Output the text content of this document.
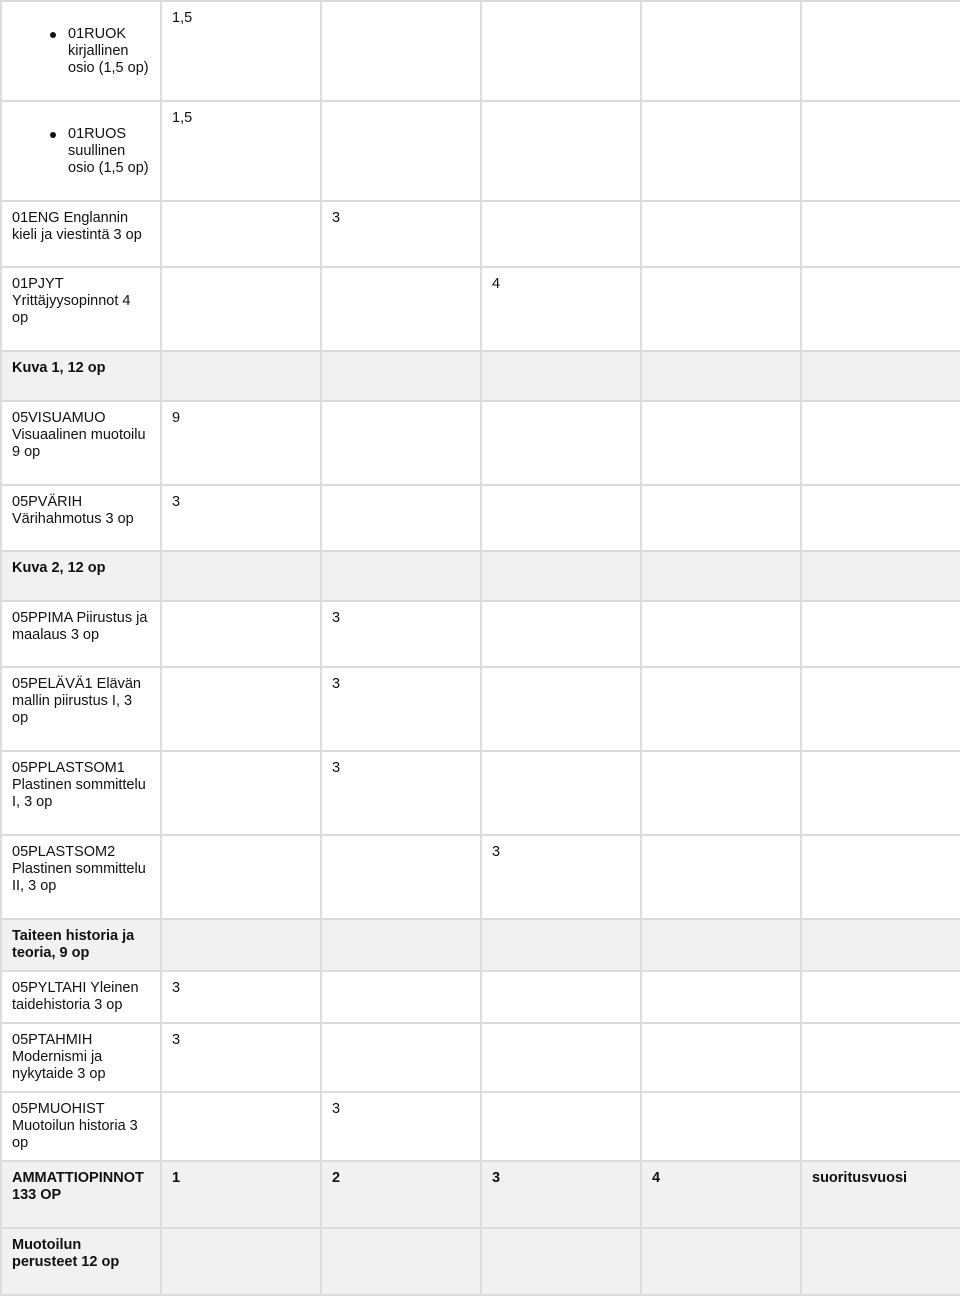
01RUOK kirjallinen osio (1,5 op)	1,5					

01RUOS suullinen osio (1,5 op)	1,5					

01ENG Englannin kieli ja viestintä 3 op		3				

01PJYT Yrittäjyysopinnot 4 op			4			

Kuva 1, 12 op	

05VISUAMUO Visuaalinen muotoilu 9 op	9					

05PVÄRIH Värihahmotus 3 op	3					

Kuva 2, 12 op	

05PPIMA Piirustus ja maalaus 3 op		3				

05PELÄVÄ1 Elävän mallin piirustus I, 3 op		3				

05PPLASTSOM1 Plastinen sommittelu I, 3 op		3				

05PLASTSOM2 Plastinen sommittelu II, 3 op			3			

Taiteen historia ja teoria, 9 op	

05PYLTAHI Yleinen taidehistoria 3 op	3					

05PTAHMIH Modernismi ja nykytaide 3 op	3					

05PMUOHIST Muotoilun historia 3 op		3				

AMMATTIOPINNOT 133 OP	1	2	3	4	suoritusvuosi	

Muotoilun perusteet 12 op	
